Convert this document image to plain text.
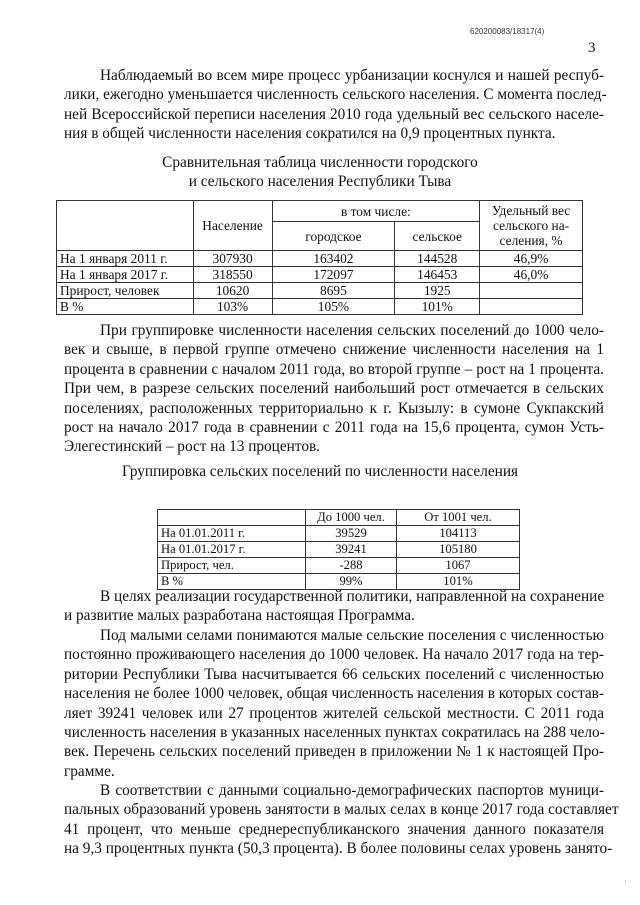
620200083/18317(4)
3
Наблюдаемый во всем мире процесс урбанизации коснулся и нашей респуб-
лики, ежегодно уменьшается численность сельского населения. С момента послед-
ней Всероссийской переписи населения 2010 года удельный вес сельского населе-
ния в общей численности населения сократился на 0,9 процентных пункта.
Сравнительная таблица численности городского
и сельского населения Республики Тыва
	Население	в том числе:		Удельный вес сельского на-селения, %
		городское	сельское	
На 1 января 2011 г.	307930	163402	144528	46,9%
На 1 января 2017 г.	318550	172097	146453	46,0%
Прирост, человек	10620	8695	1925	
В %	103%	105%	101%	
При группировке численности населения сельских поселений до 1000 чело-
век и свыше, в первой группе отмечено снижение численности населения на 1
процента в сравнении с началом 2011 года, во второй группе – рост на 1 процента.
При чем, в разрезе сельских поселений наибольший рост отмечается в сельских
поселениях, расположенных территориально к г. Кызылу: в сумоне Сукпакский
рост на начало 2017 года в сравнении с 2011 года на 15,6 процента, сумон Усть-
Элегестинский – рост на 13 процентов.
Группировка сельских поселений по численности населения
	До 1000 чел.	От 1001 чел.
На 01.01.2011 г.	39529	104113
На 01.01.2017 г.	39241	105180
Прирост, чел.	-288	1067
В %	99%	101%
В целях реализации государственной политики, направленной на сохранение
и развитие малых разработана настоящая Программа.
Под малыми селами понимаются малые сельские поселения с численностью
постоянно проживающего населения до 1000 человек. На начало 2017 года на тер-
ритории Республики Тыва насчитывается 66 сельских поселений с численностью
населения не более 1000 человек, общая численность населения в которых состав-
ляет 39241 человек или 27 процентов жителей сельской местности. С 2011 года
численность населения в указанных населенных пунктах сократилась на 288 чело-
век. Перечень сельских поселений приведен в приложении № 1 к настоящей Про-
грамме.
В соответствии с данными социально-демографических паспортов муници-
пальных образований уровень занятости в малых селах в конце 2017 года составляет
41 процент, что меньше среднереспубликанского значения данного показателя
на 9,3 процентных пункта (50,3 процента). В более половины селах уровень занято-
·
